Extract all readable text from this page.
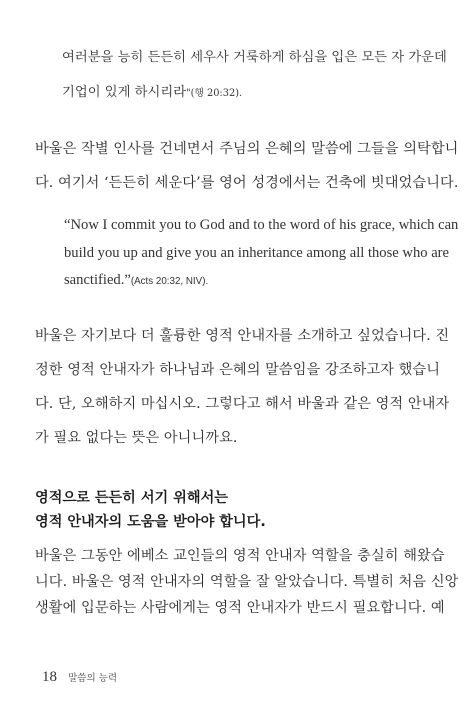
여러분을 능히 든든히 세우사 거룩하게 하심을 입은 모든 자 가운데
기업이 있게 하시리라"(행 20:32).
바울은 작별 인사를 건네면서 주님의 은혜의 말씀에 그들을 의탁합니
다. 여기서 ‘든든히 세운다’를 영어 성경에서는 건축에 빗대었습니다.
“Now I commit you to God and to the word of his grace, which can
build you up and give you an inheritance among all those who are
sanctified.”(Acts 20:32, NIV).
바울은 자기보다 더 훌륭한 영적 안내자를 소개하고 싶었습니다. 진
정한 영적 안내자가 하나님과 은혜의 말씀임을 강조하고자 했습니
다. 단, 오해하지 마십시오. 그렇다고 해서 바울과 같은 영적 안내자
가 필요 없다는 뜻은 아니니까요.
영적으로 든든히 서기 위해서는
영적 안내자의 도움을 받아야 합니다.
바울은 그동안 에베소 교인들의 영적 안내자 역할을 충실히 해왔습
니다. 바울은 영적 안내자의 역할을 잘 알았습니다. 특별히 처음 신앙
생활에 입문하는 사람에게는 영적 안내자가 반드시 필요합니다. 예
18 말씀의 능력
